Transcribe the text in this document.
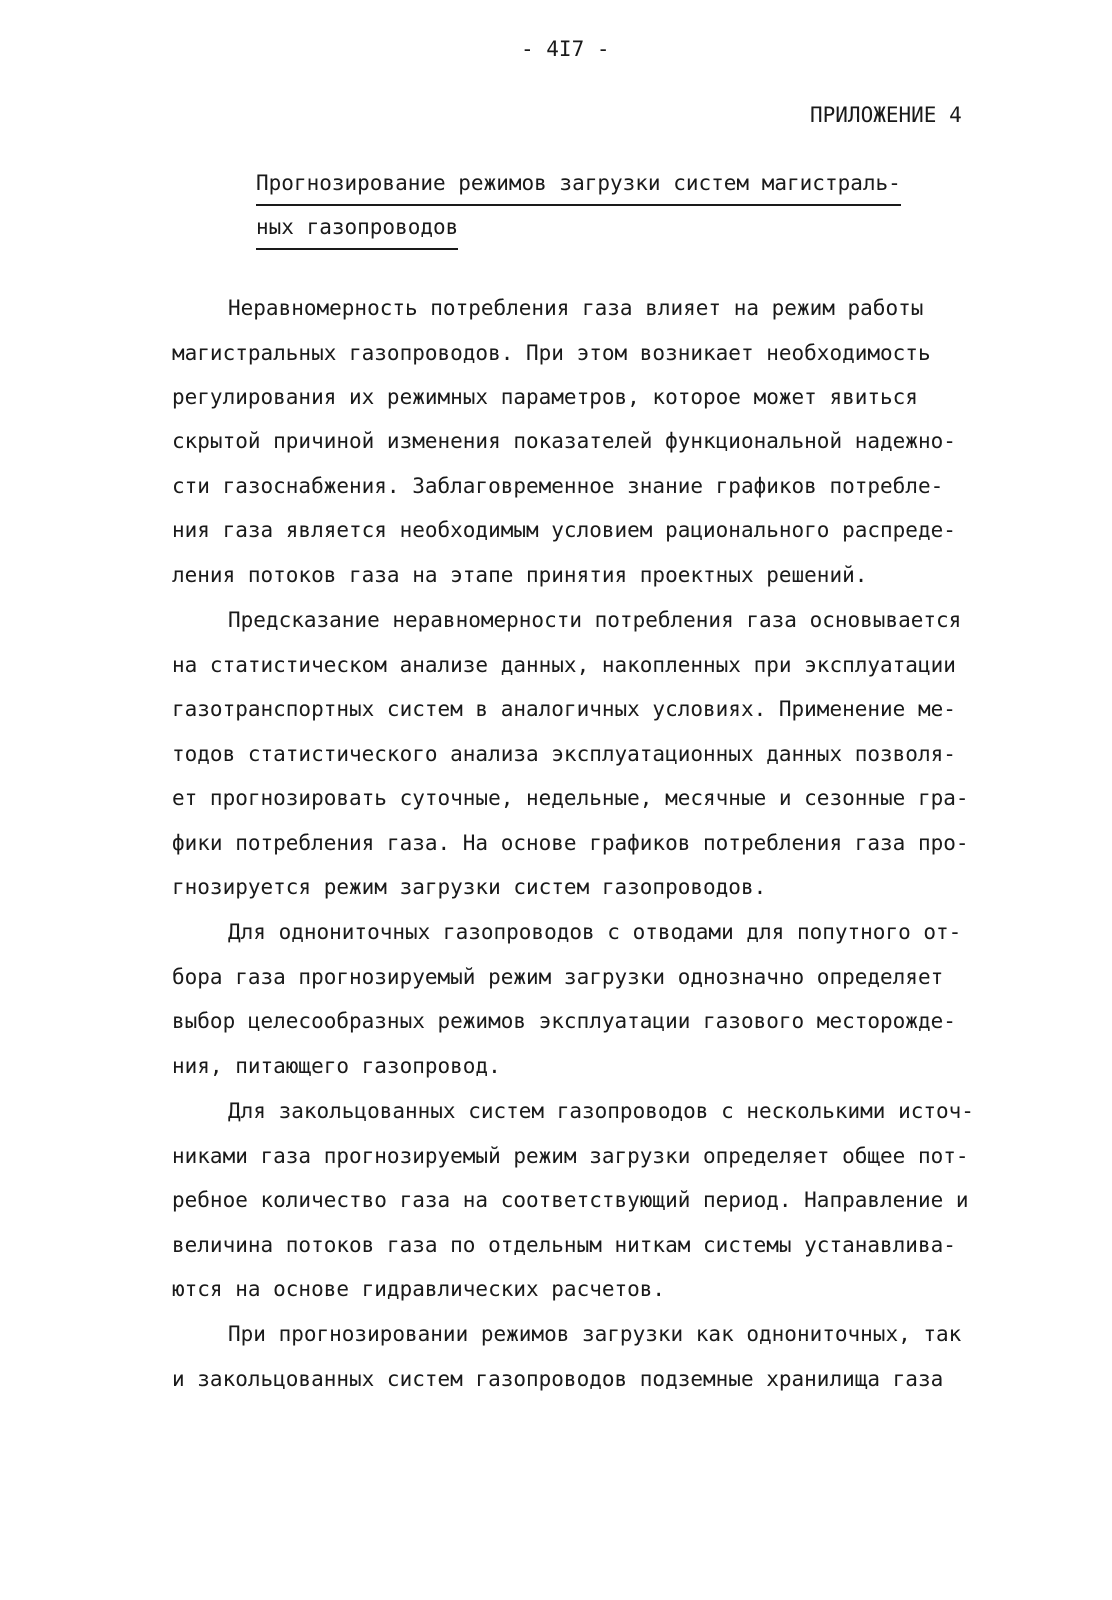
- 4I7 -
ПРИЛОЖЕНИЕ 4
Прогнозирование режимов загрузки систем магистраль-
ных газопроводов
Неравномерность потребления газа влияет на режим работы
магистральных газопроводов. При этом возникает необходимость
регулирования их режимных параметров, которое может явиться
скрытой причиной изменения показателей функциональной надежно-
сти газоснабжения. Заблаговременное знание графиков потребле-
ния газа является необходимым условием рационального распреде-
ления потоков газа на этапе принятия проектных решений.
Предсказание неравномерности потребления газа основывается
на статистическом анализе данных, накопленных при эксплуатации
газотранспортных систем в аналогичных условиях. Применение ме-
тодов статистического анализа эксплуатационных данных позволя-
ет прогнозировать суточные, недельные, месячные и сезонные гра-
фики потребления газа. На основе графиков потребления газа про-
гнозируется режим загрузки систем газопроводов.
Для однониточных газопроводов с отводами для попутного от-
бора газа прогнозируемый режим загрузки однозначно определяет
выбор целесообразных режимов эксплуатации газового месторожде-
ния, питающего газопровод.
Для закольцованных систем газопроводов с несколькими источ-
никами газа прогнозируемый режим загрузки определяет общее пот-
ребное количество газа на соответствующий период. Направление и
величина потоков газа по отдельным ниткам системы устанавлива-
ются на основе гидравлических расчетов.
При прогнозировании режимов загрузки как однониточных, так
и закольцованных систем газопроводов подземные хранилища газа
